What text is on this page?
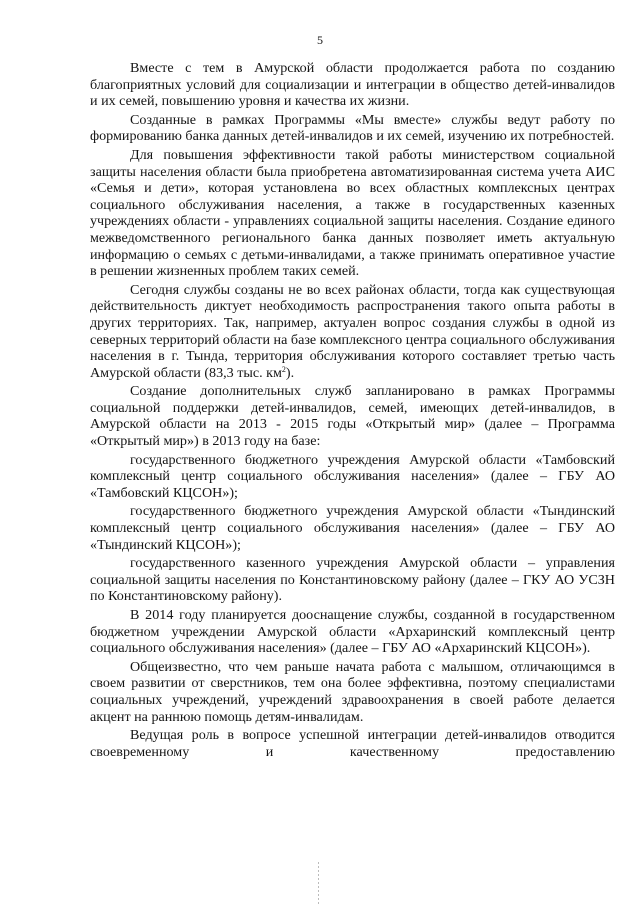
5

Вместе с тем в Амурской области продолжается работа по созданию благоприятных условий для социализации и интеграции в общество детей-инвалидов и их семей, повышению уровня и качества их жизни.

Созданные в рамках Программы «Мы вместе» службы ведут работу по формированию банка данных детей-инвалидов и их семей, изучению их потребностей.

Для повышения эффективности такой работы министерством социальной защиты населения области была приобретена автоматизированная система учета АИС «Семья и дети», которая установлена во всех областных комплексных центрах социального обслуживания населения, а также в государственных казенных учреждениях области - управлениях социальной защиты населения. Создание единого межведомственного регионального банка данных позволяет иметь актуальную информацию о семьях с детьми-инвалидами, а также принимать оперативное участие в решении жизненных проблем таких семей.

Сегодня службы созданы не во всех районах области, тогда как существующая действительность диктует необходимость распространения такого опыта работы в других территориях. Так, например, актуален вопрос создания службы в одной из северных территорий области на базе комплексного центра социального обслуживания населения в г. Тында, территория обслуживания которого составляет третью часть Амурской области (83,3 тыс. $км^2$).

Создание дополнительных служб запланировано в рамках Программы социальной поддержки детей-инвалидов, семей, имеющих детей-инвалидов, в Амурской области на 2013 - 2015 годы «Открытый мир» (далее – Программа «Открытый мир») в 2013 году на базе:

государственного бюджетного учреждения Амурской области «Тамбовский комплексный центр социального обслуживания населения» (далее – ГБУ АО «Тамбовский КЦСОН»);

государственного бюджетного учреждения Амурской области «Тындинский комплексный центр социального обслуживания населения» (далее – ГБУ АО «Тындинский КЦСОН»);

государственного казенного учреждения Амурской области – управления социальной защиты населения по Константиновскому району (далее – ГКУ АО УСЗН по Константиновскому району).

В 2014 году планируется дооснащение службы, созданной в государственном бюджетном учреждении Амурской области «Архаринский комплексный центр социального обслуживания населения» (далее – ГБУ АО «Архаринский КЦСОН»).

Общеизвестно, что чем раньше начата работа с малышом, отличающимся в своем развитии от сверстников, тем она более эффективна, поэтому специалистами социальных учреждений, учреждений здравоохранения в своей работе делается акцент на раннюю помощь детям-инвалидам.

Ведущая роль в вопросе успешной интеграции детей-инвалидов отводится своевременному и качественному предоставлению
